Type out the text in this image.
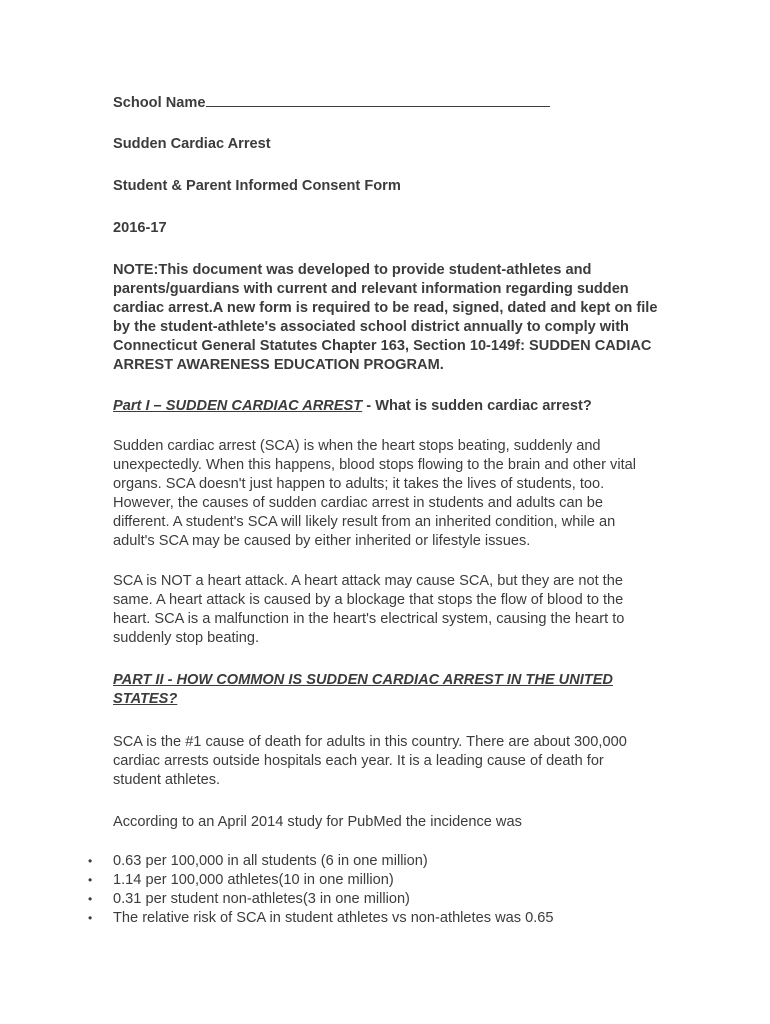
School Name
Sudden Cardiac Arrest
Student & Parent Informed Consent Form
2016-17

NOTE:This document was developed to provide student-athletes and parents/guardians with current and relevant information regarding sudden cardiac arrest.A new form is required to be read, signed, dated and kept on file by the student-athlete's associated school district annually to comply with Connecticut General Statutes Chapter 163, Section 10-149f: SUDDEN CADIAC ARREST AWARENESS EDUCATION PROGRAM.

Part I – SUDDEN CARDIAC ARREST - What is sudden cardiac arrest?

Sudden cardiac arrest (SCA) is when the heart stops beating, suddenly and unexpectedly. When this happens, blood stops flowing to the brain and other vital organs. SCA doesn't just happen to adults; it takes the lives of students, too. However, the causes of sudden cardiac arrest in students and adults can be different. A student's SCA will likely result from an inherited condition, while an adult's SCA may be caused by either inherited or lifestyle issues.

SCA is NOT a heart attack. A heart attack may cause SCA, but they are not the same. A heart attack is caused by a blockage that stops the flow of blood to the heart. SCA is a malfunction in the heart's electrical system, causing the heart to suddenly stop beating.

PART II - HOW COMMON IS SUDDEN CARDIAC ARREST IN THE UNITED STATES?

SCA is the #1 cause of death for adults in this country. There are about 300,000 cardiac arrests outside hospitals each year. It is a leading cause of death for student athletes.

According to an April 2014 study for PubMed the incidence was

• 0.63 per 100,000 in all students (6 in one million)
• 1.14 per 100,000 athletes(10 in one million)
• 0.31 per student non-athletes(3 in one million)
• The relative risk of SCA in student athletes vs non-athletes was 0.65
